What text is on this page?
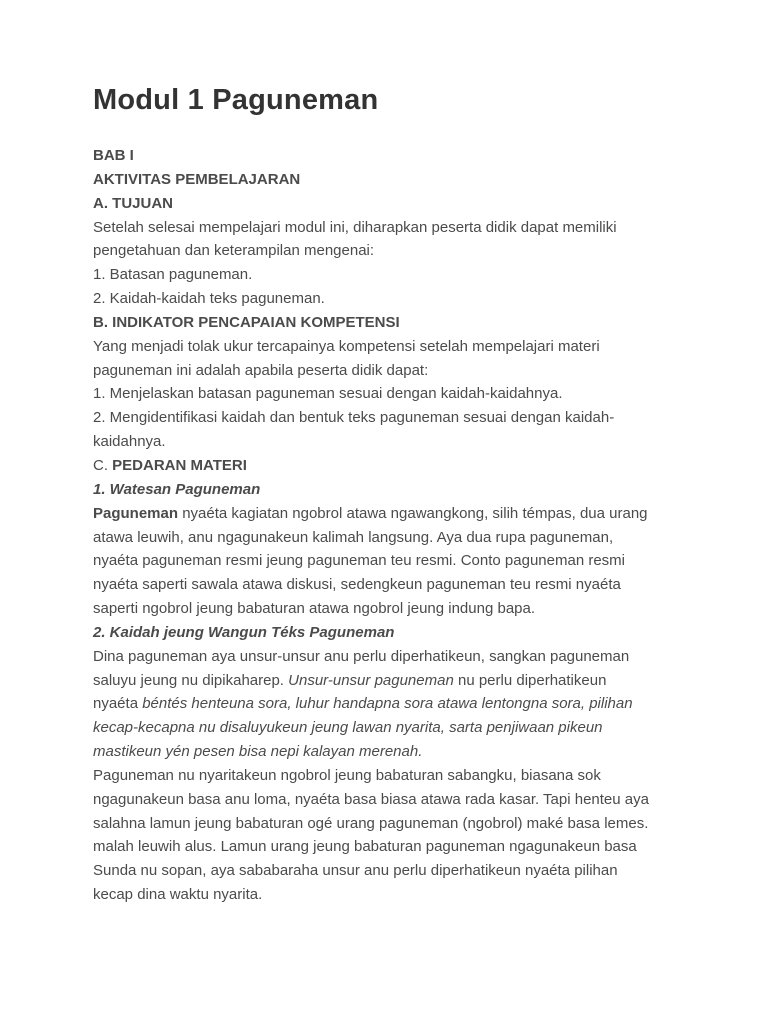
Modul 1 Paguneman
BAB I
AKTIVITAS PEMBELAJARAN
A. TUJUAN
Setelah selesai mempelajari modul ini, diharapkan peserta didik dapat memiliki
pengetahuan dan keterampilan mengenai:
1. Batasan paguneman.
2. Kaidah-kaidah teks paguneman.
B. INDIKATOR PENCAPAIAN KOMPETENSI
Yang menjadi tolak ukur tercapainya kompetensi setelah mempelajari materi
paguneman ini adalah apabila peserta didik dapat:
1. Menjelaskan batasan paguneman sesuai dengan kaidah-kaidahnya.
2. Mengidentifikasi kaidah dan bentuk teks paguneman sesuai dengan kaidah-
kaidahnya.
C. PEDARAN MATERI
1. Watesan Paguneman
Paguneman nyaéta kagiatan ngobrol atawa ngawangkong, silih témpas, dua urang
atawa leuwih, anu ngagunakeun kalimah langsung. Aya dua rupa paguneman,
nyaéta paguneman resmi jeung paguneman teu resmi. Conto paguneman resmi
nyaéta saperti sawala atawa diskusi, sedengkeun paguneman teu resmi nyaéta
saperti ngobrol jeung babaturan atawa ngobrol jeung indung bapa.
2. Kaidah jeung Wangun Téks Paguneman
Dina paguneman aya unsur-unsur anu perlu diperhatikeun, sangkan paguneman
saluyu jeung nu dipikaharep. Unsur-unsur paguneman nu perlu diperhatikeun
nyaéta béntés henteuna sora, luhur handapna sora atawa lentongna sora, pilihan
kecap-kecapna nu disaluyukeun jeung lawan nyarita, sarta penjiwaan pikeun
mastikeun yén pesen bisa nepi kalayan merenah.
Paguneman nu nyaritakeun ngobrol jeung babaturan sabangku, biasana sok
ngagunakeun basa anu loma, nyaéta basa biasa atawa rada kasar. Tapi henteu aya
salahna lamun jeung babaturan ogé urang paguneman (ngobrol) maké basa lemes.
malah leuwih alus. Lamun urang jeung babaturan paguneman ngagunakeun basa
Sunda nu sopan, aya sababaraha unsur anu perlu diperhatikeun nyaéta pilihan
kecap dina waktu nyarita.
